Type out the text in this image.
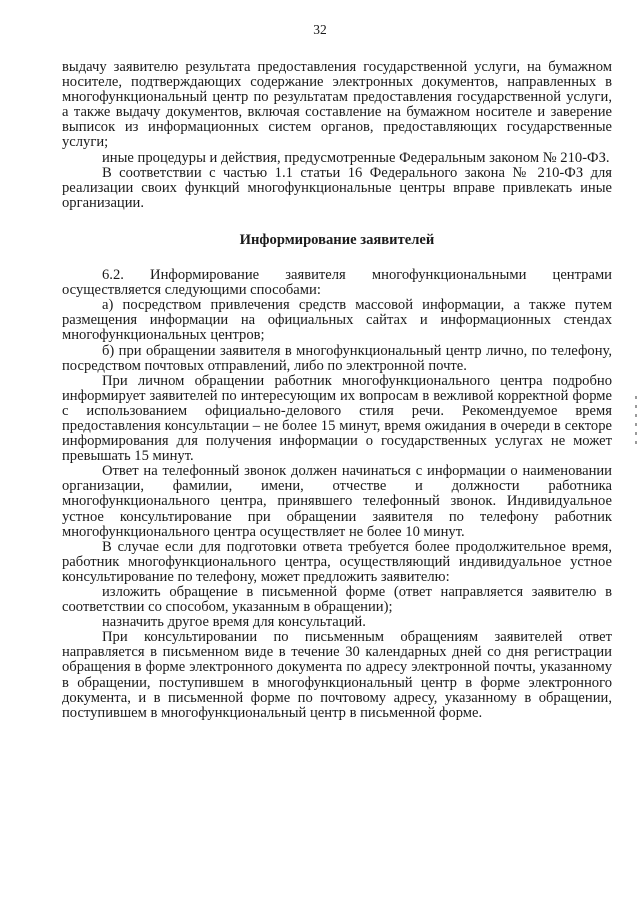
32

выдачу заявителю результата предоставления государственной услуги, на бумажном носителе, подтверждающих содержание электронных документов, направленных в многофункциональный центр по результатам предоставления государственной услуги, а также выдачу документов, включая составление на бумажном носителе и заверение выписок из информационных систем органов, предоставляющих государственные услуги;

иные процедуры и действия, предусмотренные Федеральным законом № 210-ФЗ.

В соответствии с частью 1.1 статьи 16 Федерального закона № 210-ФЗ для реализации своих функций многофункциональные центры вправе привлекать иные организации.

Информирование заявителей

6.2. Информирование заявителя многофункциональными центрами осуществляется следующими способами:

а) посредством привлечения средств массовой информации, а также путем размещения информации на официальных сайтах и информационных стендах многофункциональных центров;

б) при обращении заявителя в многофункциональный центр лично, по телефону, посредством почтовых отправлений, либо по электронной почте.

При личном обращении работник многофункционального центра подробно информирует заявителей по интересующим их вопросам в вежливой корректной форме с использованием официально-делового стиля речи. Рекомендуемое время предоставления консультации – не более 15 минут, время ожидания в очереди в секторе информирования для получения информации о государственных услугах не может превышать 15 минут.

Ответ на телефонный звонок должен начинаться с информации о наименовании организации, фамилии, имени, отчестве и должности работника многофункционального центра, принявшего телефонный звонок. Индивидуальное устное консультирование при обращении заявителя по телефону работник многофункционального центра осуществляет не более 10 минут.

В случае если для подготовки ответа требуется более продолжительное время, работник многофункционального центра, осуществляющий индивидуальное устное консультирование по телефону, может предложить заявителю:

изложить обращение в письменной форме (ответ направляется заявителю в соответствии со способом, указанным в обращении);

назначить другое время для консультаций.

При консультировании по письменным обращениям заявителей ответ направляется в письменном виде в течение 30 календарных дней со дня регистрации обращения в форме электронного документа по адресу электронной почты, указанному в обращении, поступившем в многофункциональный центр в форме электронного документа, и в письменной форме по почтовому адресу, указанному в обращении, поступившем в многофункциональный центр в письменной форме.
